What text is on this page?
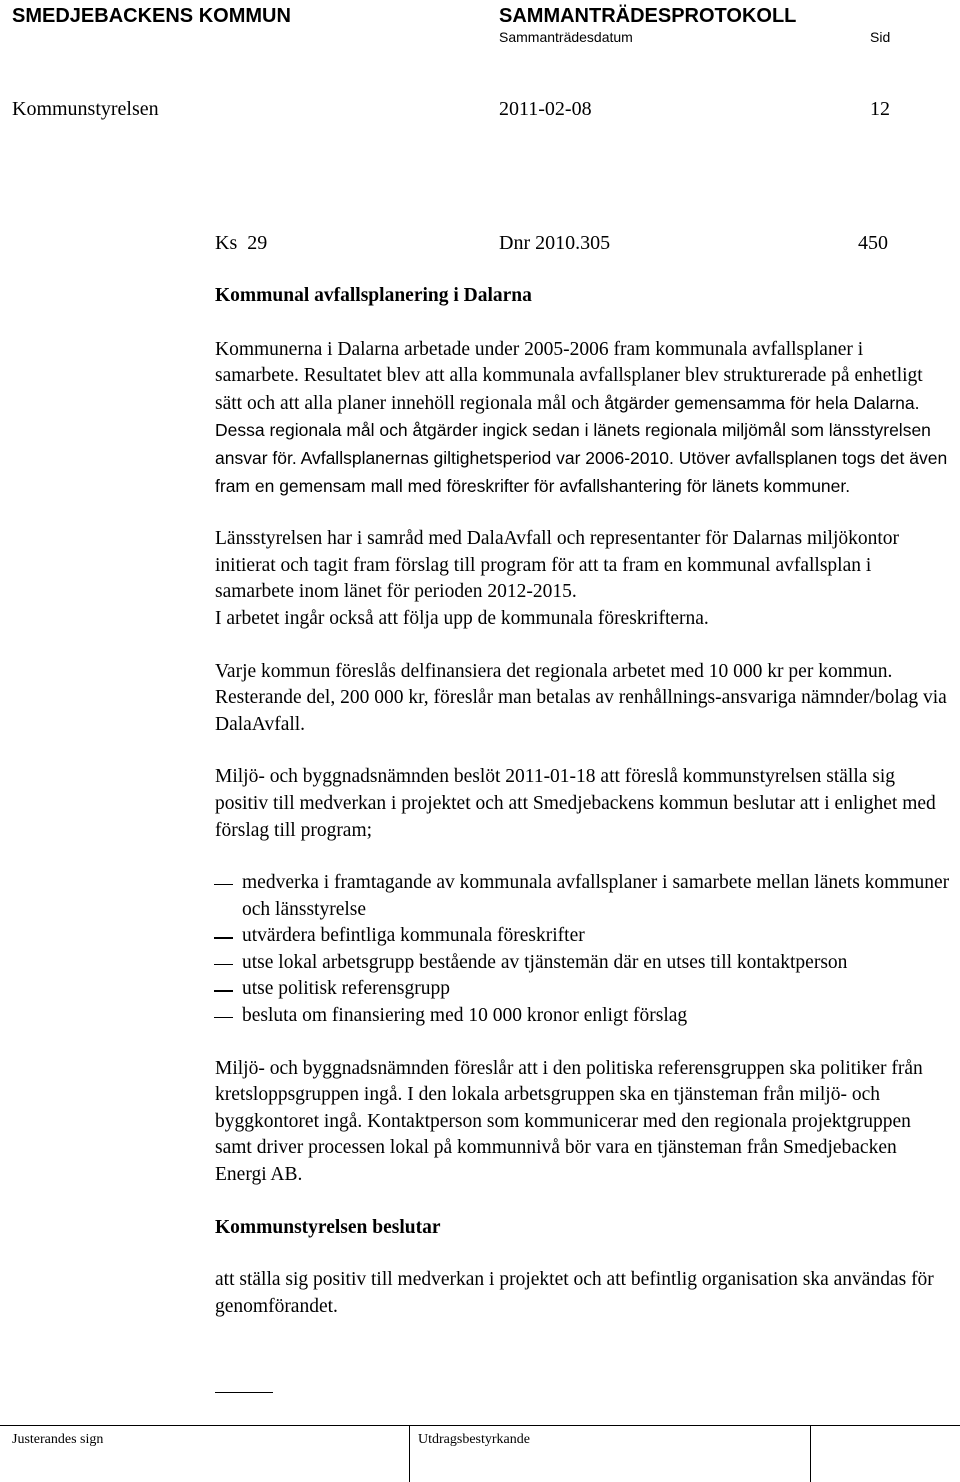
SMEDJEBACKENS KOMMUN	SAMMANTRÄDESPROTOKOLL
Sammanträdesdatum	Sid
Kommunstyrelsen	2011-02-08	12
Ks  29	Dnr 2010.305	450

Kommunal avfallsplanering i Dalarna

Kommunerna i Dalarna arbetade under 2005-2006 fram kommunala avfallsplaner i samarbete. Resultatet blev att alla kommunala avfallsplaner blev strukturerade på enhetligt sätt och att alla planer innehöll regionala mål och åtgärder gemensamma för hela Dalarna. Dessa regionala mål och åtgärder ingick sedan i länets regionala miljömål som länsstyrelsen ansvar för. Avfallsplanernas giltighetsperiod var 2006-2010. Utöver avfallsplanen togs det även fram en gemensam mall med föreskrifter för avfallshantering för länets kommuner.

Länsstyrelsen har i samråd med DalaAvfall och representanter för Dalarnas miljökontor initierat och tagit fram förslag till program för att ta fram en kommunal avfallsplan i samarbete inom länet för perioden 2012-2015.

I arbetet ingår också att följa upp de kommunala föreskrifterna.

Varje kommun föreslås delfinansiera det regionala arbetet med 10 000 kr per kommun. Resterande del, 200 000 kr, föreslår man betalas av renhållnings-ansvariga nämnder/bolag via DalaAvfall.

Miljö- och byggnadsnämnden beslöt 2011-01-18 att föreslå kommunstyrelsen ställa sig positiv till medverkan i projektet och att Smedjebackens kommun beslutar att i enlighet med förslag till program;

medverka i framtagande av kommunala avfallsplaner i samarbete mellan länets kommuner och länsstyrelse
utvärdera befintliga kommunala föreskrifter
utse lokal arbetsgrupp bestående av tjänstemän där en utses till kontaktperson
utse politisk referensgrupp
besluta om finansiering med 10 000 kronor enligt förslag

Miljö- och byggnadsnämnden föreslår att i den politiska referensgruppen ska politiker från kretsloppsgruppen ingå. I den lokala arbetsgruppen ska en tjänsteman från miljö- och byggkontoret ingå. Kontaktperson som kommunicerar med den regionala projektgruppen samt driver processen lokal på kommunnivå bör vara en tjänsteman från Smedjebacken Energi AB.

Kommunstyrelsen beslutar

att ställa sig positiv till medverkan i projektet och att befintlig organisation ska användas för genomförandet.

Justerandes sign	Utdragsbestyrkande
